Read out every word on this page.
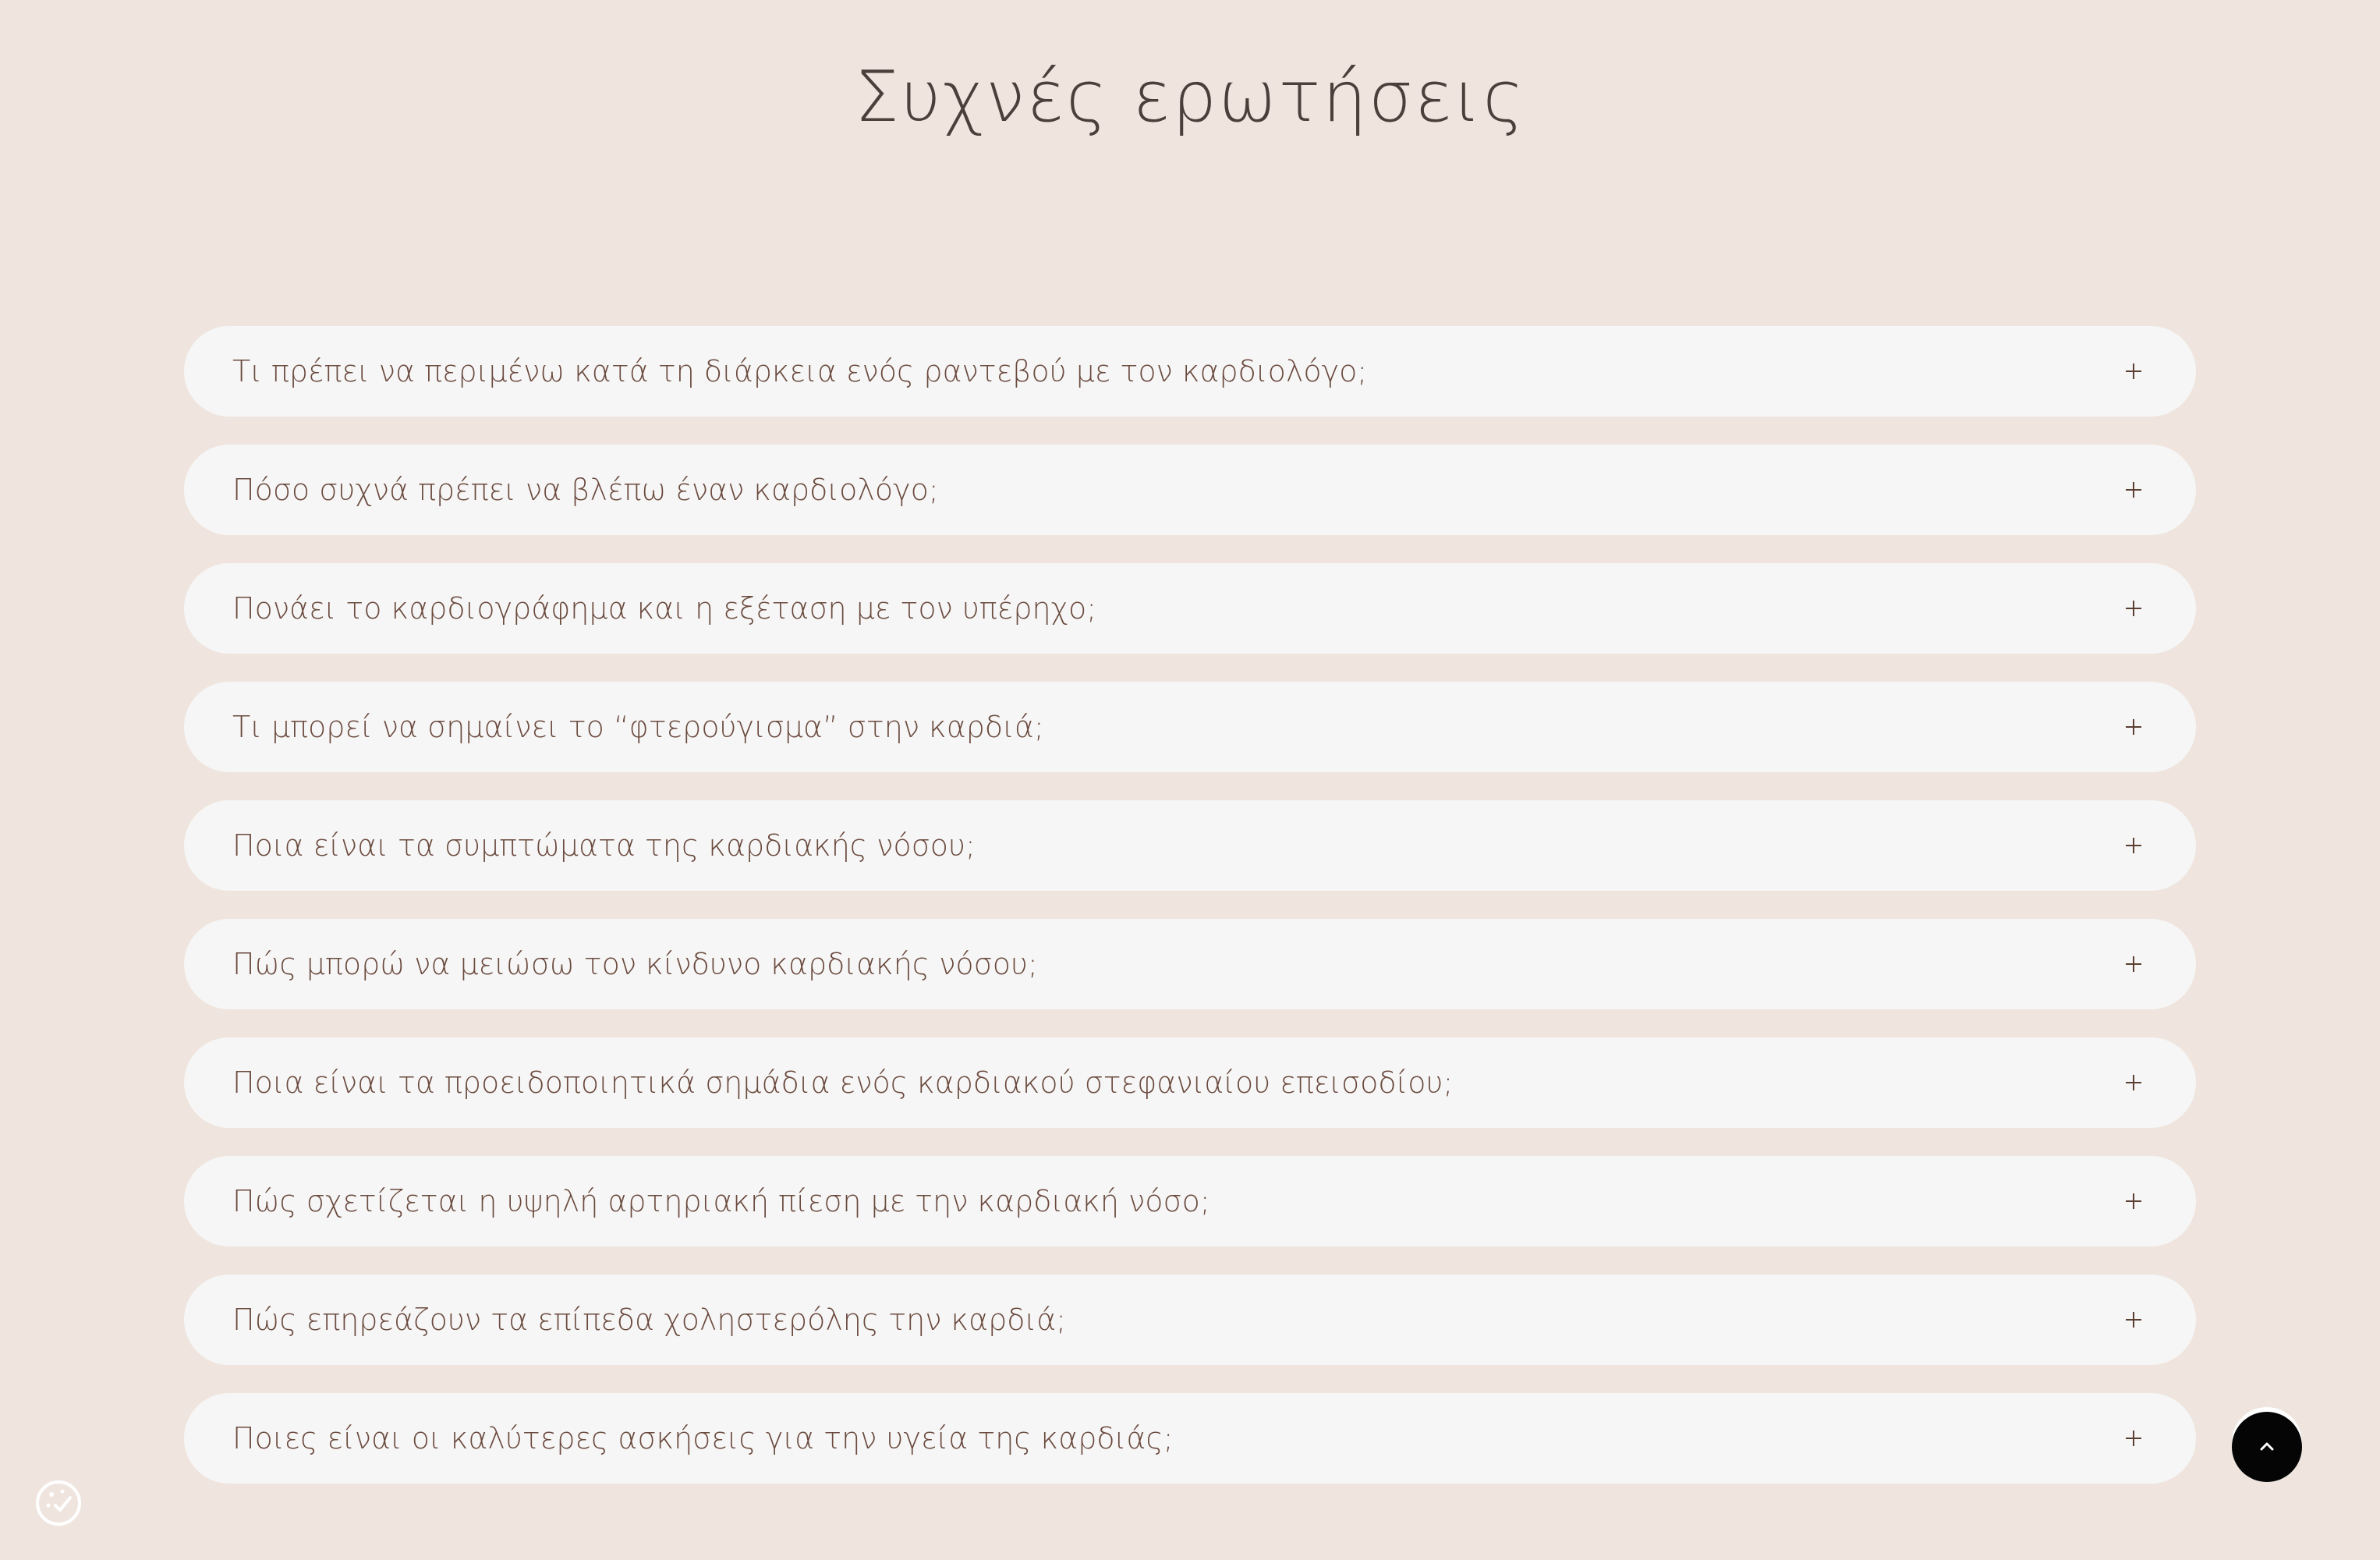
Συχνές ερωτήσεις
Τι πρέπει να περιμένω κατά τη διάρκεια ενός ραντεβού με τον καρδιολόγο;
Πόσο συχνά πρέπει να βλέπω έναν καρδιολόγο;
Πονάει το καρδιογράφημα και η εξέταση με τον υπέρηχο;
Τι μπορεί να σημαίνει το “φτερούγισμα” στην καρδιά;
Ποια είναι τα συμπτώματα της καρδιακής νόσου;
Πώς μπορώ να μειώσω τον κίνδυνο καρδιακής νόσου;
Ποια είναι τα προειδοποιητικά σημάδια ενός καρδιακού στεφανιαίου επεισοδίου;
Πώς σχετίζεται η υψηλή αρτηριακή πίεση με την καρδιακή νόσο;
Πώς επηρεάζουν τα επίπεδα χοληστερόλης την καρδιά;
Ποιες είναι οι καλύτερες ασκήσεις για την υγεία της καρδιάς;
